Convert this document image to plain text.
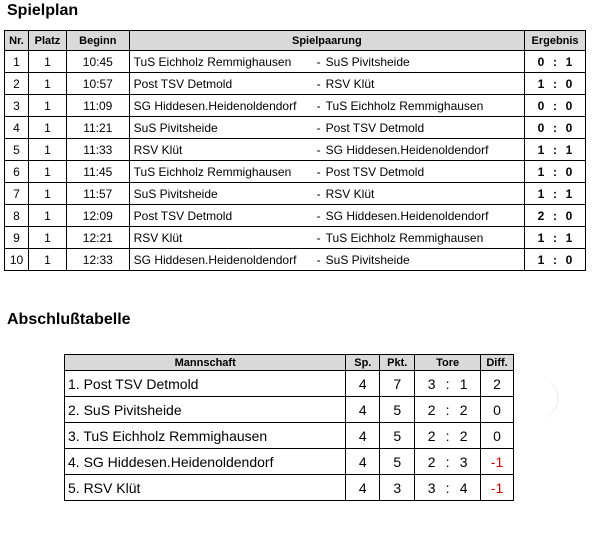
Spielplan
Nr.	Platz	Beginn	Spielpaarung	Ergebnis
1	1	10:45	TuS Eichholz Remmighausen - SuS Pivitsheide	0 : 1

2	1	10:57	Post TSV Detmold - RSV Klüt	1 : 0

3	1	11:09	SG Hiddesen.Heidenoldendorf - TuS Eichholz Remmighausen	0 : 0

4	1	11:21	SuS Pivitsheide - Post TSV Detmold	0 : 0

5	1	11:33	RSV Klüt - SG Hiddesen.Heidenoldendorf	1 : 1

6	1	11:45	TuS Eichholz Remmighausen - Post TSV Detmold	1 : 0

7	1	11:57	SuS Pivitsheide - RSV Klüt	1 : 1

8	1	12:09	Post TSV Detmold - SG Hiddesen.Heidenoldendorf	2 : 0

9	1	12:21	RSV Klüt - TuS Eichholz Remmighausen	1 : 1

10	1	12:33	SG Hiddesen.Heidenoldendorf - SuS Pivitsheide	1 : 0
Abschlußtabelle
Mannschaft	Sp.	Pkt.	Tore	Diff.
1. Post TSV Detmold	4	7	3 : 1	2
2. SuS Pivitsheide	4	5	2 : 2	0
3. TuS Eichholz Remmighausen	4	5	2 : 2	0
4. SG Hiddesen.Heidenoldendorf	4	5	2 : 3	-1
5. RSV Klüt	4	3	3 : 4	-1
